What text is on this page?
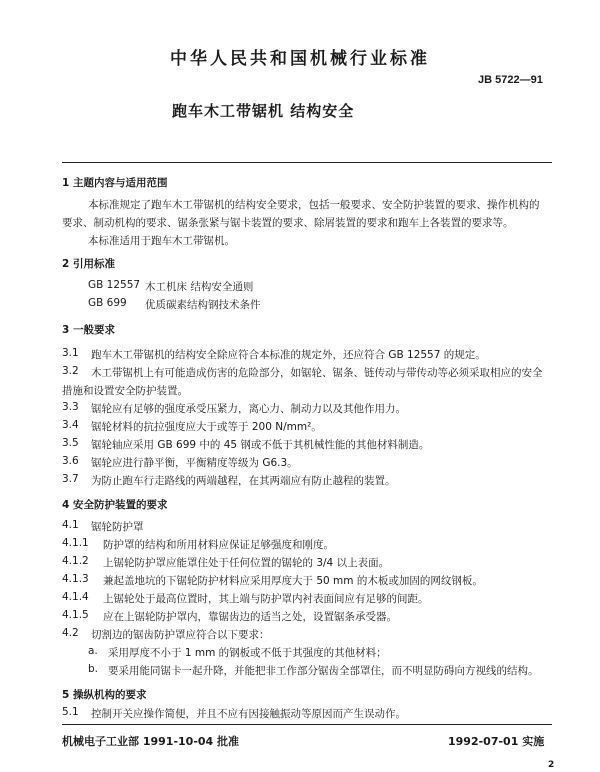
中华人民共和国机械行业标准
JB 5722—91
跑车木工带锯机 结构安全
1 主题内容与适用范围
本标准规定了跑车木工带锯机的结构安全要求，包括一般要求、安全防护装置的要求、操作机构的
要求、制动机构的要求、锯条张紧与锯卡装置的要求、除屑装置的要求和跑车上各装置的要求等。
本标准适用于跑车木工带锯机。
2 引用标准
GB 12557 木工机床 结构安全通则
GB 699 优质碳素结构钢技术条件
3 一般要求
3.1 跑车木工带锯机的结构安全除应符合本标准的规定外，还应符合 GB 12557 的规定。
3.2 木工带锯机上有可能造成伤害的危险部分，如锯轮、锯条、链传动与带传动等必须采取相应的安全
措施和设置安全防护装置。
3.3 锯轮应有足够的强度承受压紧力，离心力、制动力以及其他作用力。
3.4 锯轮材料的抗拉强度应大于或等于 200 N/mm²。
3.5 锯轮轴应采用 GB 699 中的 45 钢或不低于其机械性能的其他材料制造。
3.6 锯轮应进行静平衡，平衡精度等级为 G6.3。
3.7 为防止跑车行走路线的两端越程，在其两端应有防止越程的装置。
4 安全防护装置的要求
4.1 锯轮防护罩
4.1.1 防护罩的结构和所用材料应保证足够强度和刚度。
4.1.2 上锯轮防护罩应能罩住处于任何位置的锯轮的 3/4 以上表面。
4.1.3 兼起盖地坑的下锯轮防护材料应采用厚度大于 50 mm 的木板或加固的网纹钢板。
4.1.4 上锯轮处于最高位置时，其上端与防护罩内衬表面间应有足够的间距。
4.1.5 应在上锯轮防护罩内，靠锯齿边的适当之处，设置锯条承受器。
4.2 切割边的锯齿防护罩应符合以下要求：
a. 采用厚度不小于 1 mm 的钢板或不低于其强度的其他材料；
b. 要采用能同锯卡一起升降，并能把非工作部分锯齿全部罩住，而不明显防碍向方视线的结构。
5 操纵机构的要求
5.1 控制开关应操作简便，并且不应有因接触振动等原因而产生误动作。
机械电子工业部 1991-10-04 批准	1992-07-01 实施
2
